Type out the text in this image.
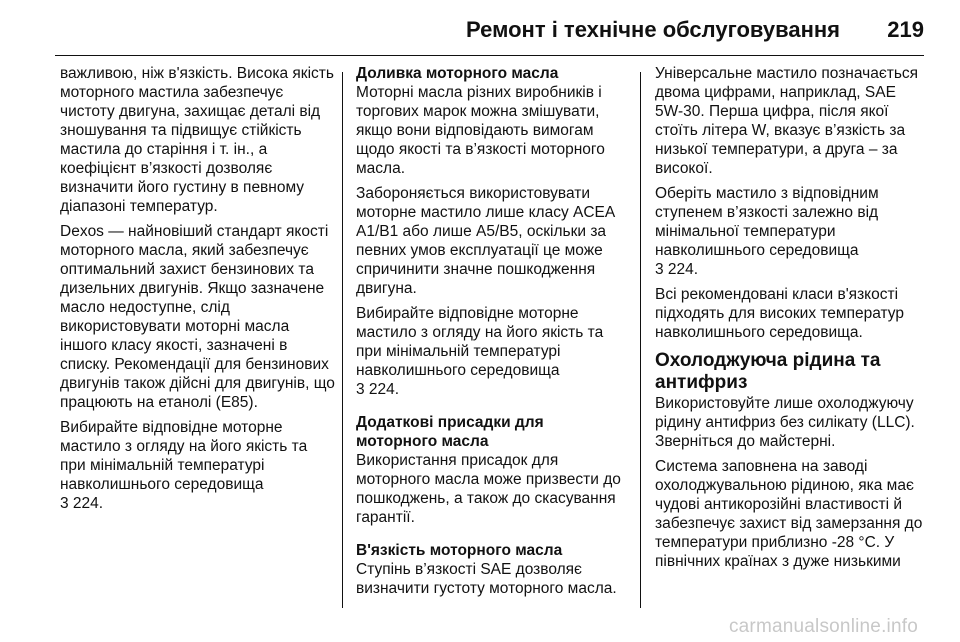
Ремонт і технічне обслуговування 219

важливою, ніж в'язкість. Висока якість моторного мастила забезпечує чистоту двигуна, захищає деталі від зношування та підвищує стійкість мастила до старіння і т. ін., а коефіцієнт в’язкості дозволяє визначити його густину в певному діапазоні температур.

Dexos — найновіший стандарт якості моторного масла, який забезпечує оптимальний захист бензинових та дизельних двигунів. Якщо зазначене масло недоступне, слід використовувати моторні масла іншого класу якості, зазначені в списку. Рекомендації для бензинових двигунів також дійсні для двигунів, що працюють на етанолі (E85).

Вибирайте відповідне моторне мастило з огляду на його якість та при мінімальній температурі навколишнього середовища
3 224.

Доливка моторного масла

Моторні масла різних виробників і торгових марок можна змішувати, якщо вони відповідають вимогам щодо якості та в’язкості моторного масла.

Забороняється використовувати моторне мастило лише класу ACEA A1/B1 або лише A5/B5, оскільки за певних умов експлуатації це може спричинити значне пошкодження двигуна.

Вибирайте відповідне моторне мастило з огляду на його якість та при мінімальній температурі навколишнього середовища
3 224.

Додаткові присадки для моторного масла

Використання присадок для моторного масла може призвести до пошкоджень, а також до скасування гарантії.

В'язкість моторного масла

Ступінь в’язкості SAE дозволяє визначити густоту моторного масла.

Універсальне мастило позначається двома цифрами, наприклад, SAE 5W-30. Перша цифра, після якої стоїть літера W, вказує в’язкість за низької температури, а друга – за високої.

Оберіть мастило з відповідним ступенем в’язкості залежно від мінімальної температури навколишнього середовища
3 224.

Всі рекомендовані класи в'язкості підходять для високих температур навколишнього середовища.

Охолоджуюча рідина та антифриз

Використовуйте лише охолоджуючу рідину антифриз без силікату (LLC). Зверніться до майстерні.

Система заповнена на заводі охолоджувальною рідиною, яка має чудові антикорозійні властивості й забезпечує захист від замерзання до температури приблизно -28 °C. У північних країнах з дуже низькими

carmanualsonline.info
